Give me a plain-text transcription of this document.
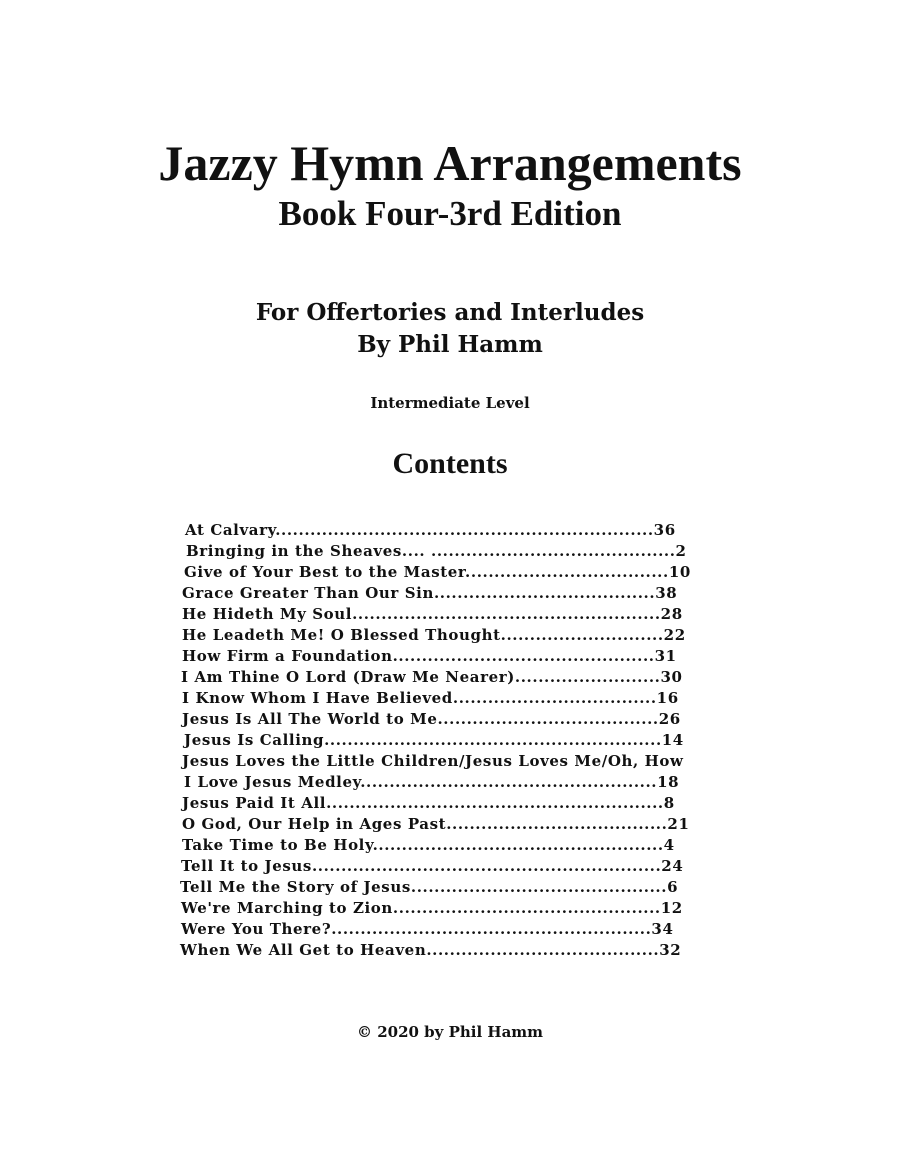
Jazzy Hymn Arrangements
Book Four-3rd Edition
For Offertories and Interludes
By Phil Hamm
Intermediate Level
Contents
At Calvary.................................................................36
Bringing in the Sheaves.... ..........................................2
Give of Your Best to the Master...................................10
Grace Greater Than Our Sin......................................38
He Hideth My Soul.....................................................28
He Leadeth Me! O Blessed Thought............................22
How Firm a Foundation.............................................31
I Am Thine O Lord (Draw Me Nearer).........................30
I Know Whom I Have Believed...................................16
Jesus Is All The World to Me......................................26
Jesus Is Calling..........................................................14
Jesus Loves the Little Children/Jesus Loves Me/Oh, How
I Love Jesus Medley...................................................18
Jesus Paid It All..........................................................8
O God, Our Help in Ages Past......................................21
Take Time to Be Holy..................................................4
Tell It to Jesus............................................................24
Tell Me the Story of Jesus............................................6
We're Marching to Zion..............................................12
Were You There?.......................................................34
When We All Get to Heaven........................................32
© 2020 by Phil Hamm
